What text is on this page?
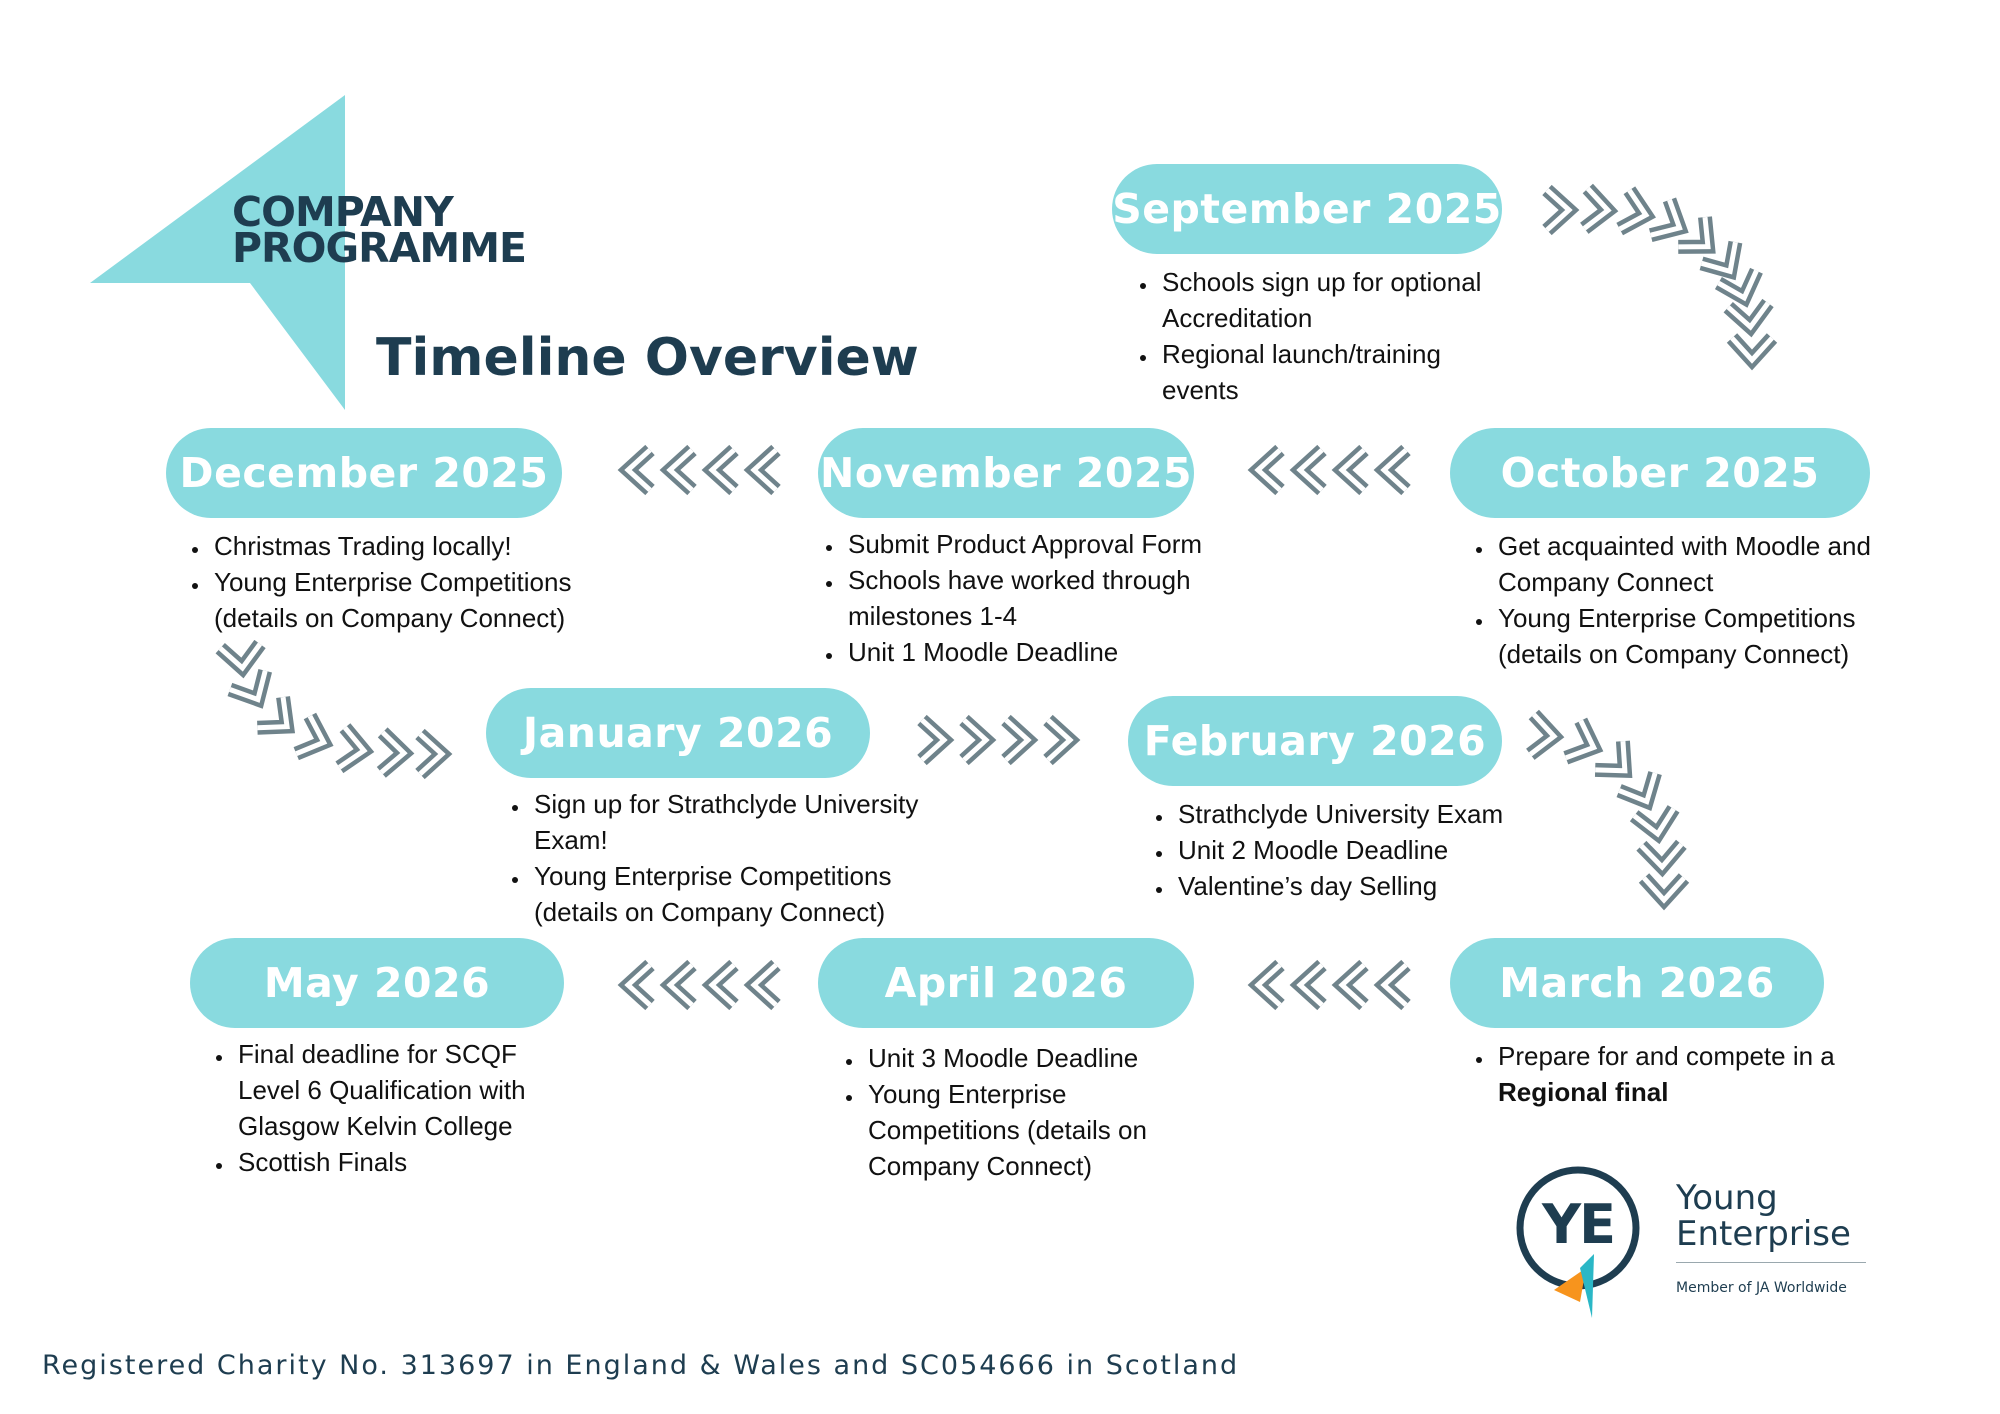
COMPANY
PROGRAMME
Timeline Overview
September 2025
October 2025
November 2025
December 2025
January 2026	February 2026
March 2026
April 2026
May 2026
• Schools sign up for optional Accreditation
• Regional launch/training events
• Get acquainted with Moodle and Company Connect
• Young Enterprise Competitions (details on Company Connect)
• Submit Product Approval Form
• Schools have worked through milestones 1-4
• Unit 1 Moodle Deadline
• Christmas Trading locally!
• Young Enterprise Competitions (details on Company Connect)
• Sign up for Strathclyde University Exam!
• Young Enterprise Competitions (details on Company Connect)
• Strathclyde University Exam
• Unit 2 Moodle Deadline
• Valentine’s day Selling
• Prepare for and compete in a Regional final
• Unit 3 Moodle Deadline
• Young Enterprise Competitions (details on Company Connect)
• Final deadline for SCQF Level 6 Qualification with Glasgow Kelvin College
• Scottish Finals
YE Young
Enterprise
Member of JA Worldwide
Registered Charity No. 313697 in England & Wales and SC054666 in Scotland
